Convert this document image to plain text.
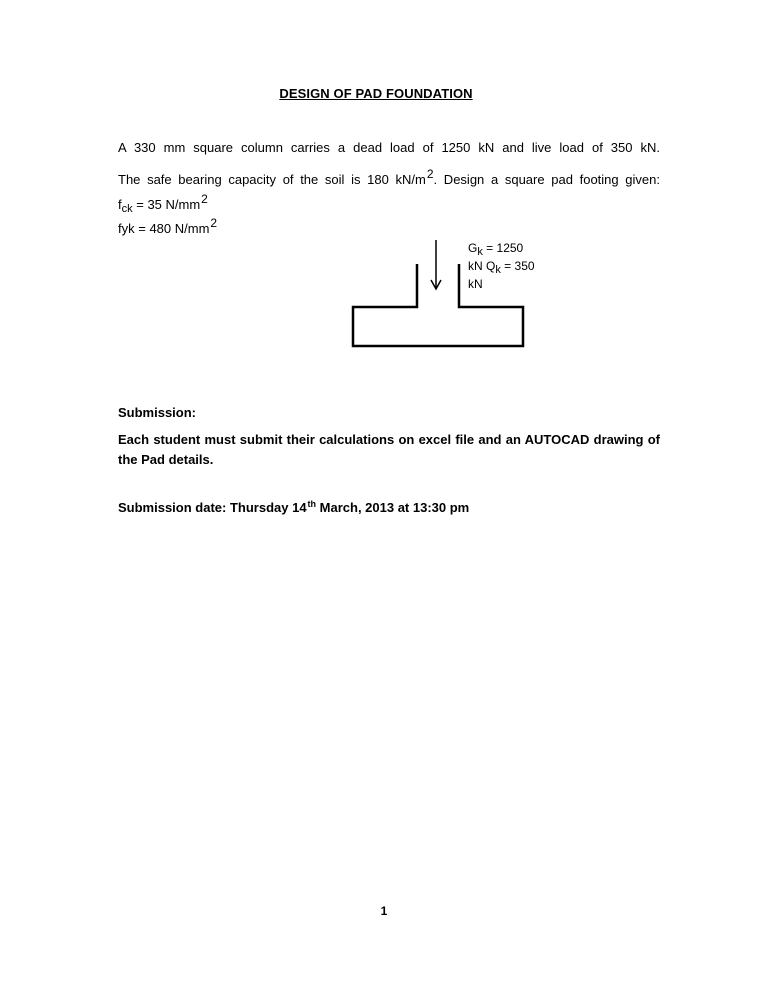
DESIGN OF PAD FOUNDATION
A 330 mm square column carries a dead load of 1250 kN and live load of 350 kN.
The safe bearing capacity of the soil is 180 kN/m2. Design a square pad footing given:
$f_{ck} = 35$ N/mm2
fyk = 480 N/mm2
Gk = 1250
kN Qk = 350
kN
Submission:
Each student must submit their calculations on excel file and an AUTOCAD drawing of the Pad details.
Submission date: Thursday 14th March, 2013 at 13:30 pm
1
